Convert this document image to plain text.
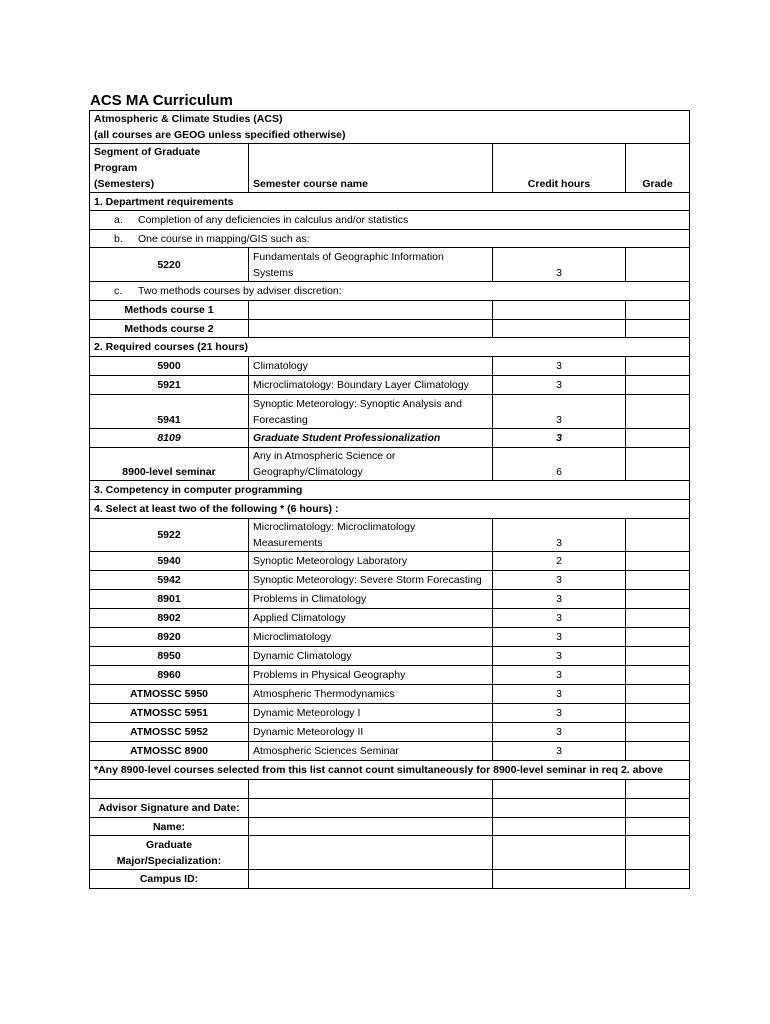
ACS MA Curriculum
Atmospheric & Climate Studies (ACS)
(all courses are GEOG unless specified otherwise)			

Segment of Graduate Program
(Semesters)	Semester course name	Credit hours	Grade
1. Department requirements			
a. Completion of any deficiencies in calculus and/or statistics			
b. One course in mapping/GIS such as:			
5220	Fundamentals of Geographic Information
Systems	3	
c. Two methods courses by adviser discretion:			
Methods course 1			
Methods course 2			
2. Required courses (21 hours)			
5900	Climatology	3	
5921	Microclimatology: Boundary Layer Climatology	3	
5941	Synoptic Meteorology: Synoptic Analysis and
Forecasting	3	
8109	Graduate Student Professionalization	3	
8900-level seminar	Any in Atmospheric Science or
Geography/Climatology	6	
3. Competency in computer programming			
4. Select at least two of the following * (6 hours) :			
5922	Microclimatology: Microclimatology
Measurements	3	
5940	Synoptic Meteorology Laboratory	2	
5942	Synoptic Meteorology: Severe Storm Forecasting	3	
8901	Problems in Climatology	3	
8902	Applied Climatology	3	
8920	Microclimatology	3	
8950	Dynamic Climatology	3	
8960	Problems in Physical Geography	3	
ATMOSSC 5950	Atmospheric Thermodynamics	3	
ATMOSSC 5951	Dynamic Meteorology I	3	
ATMOSSC 5952	Dynamic Meteorology II	3	
ATMOSSC 8900	Atmospheric Sciences Seminar	3	
*Any 8900-level courses selected from this list cannot count simultaneously for 8900-level seminar in req 2. above			

Advisor Signature and Date:			
Name:			

Graduate
Major/Specialization:			

Campus ID:			
